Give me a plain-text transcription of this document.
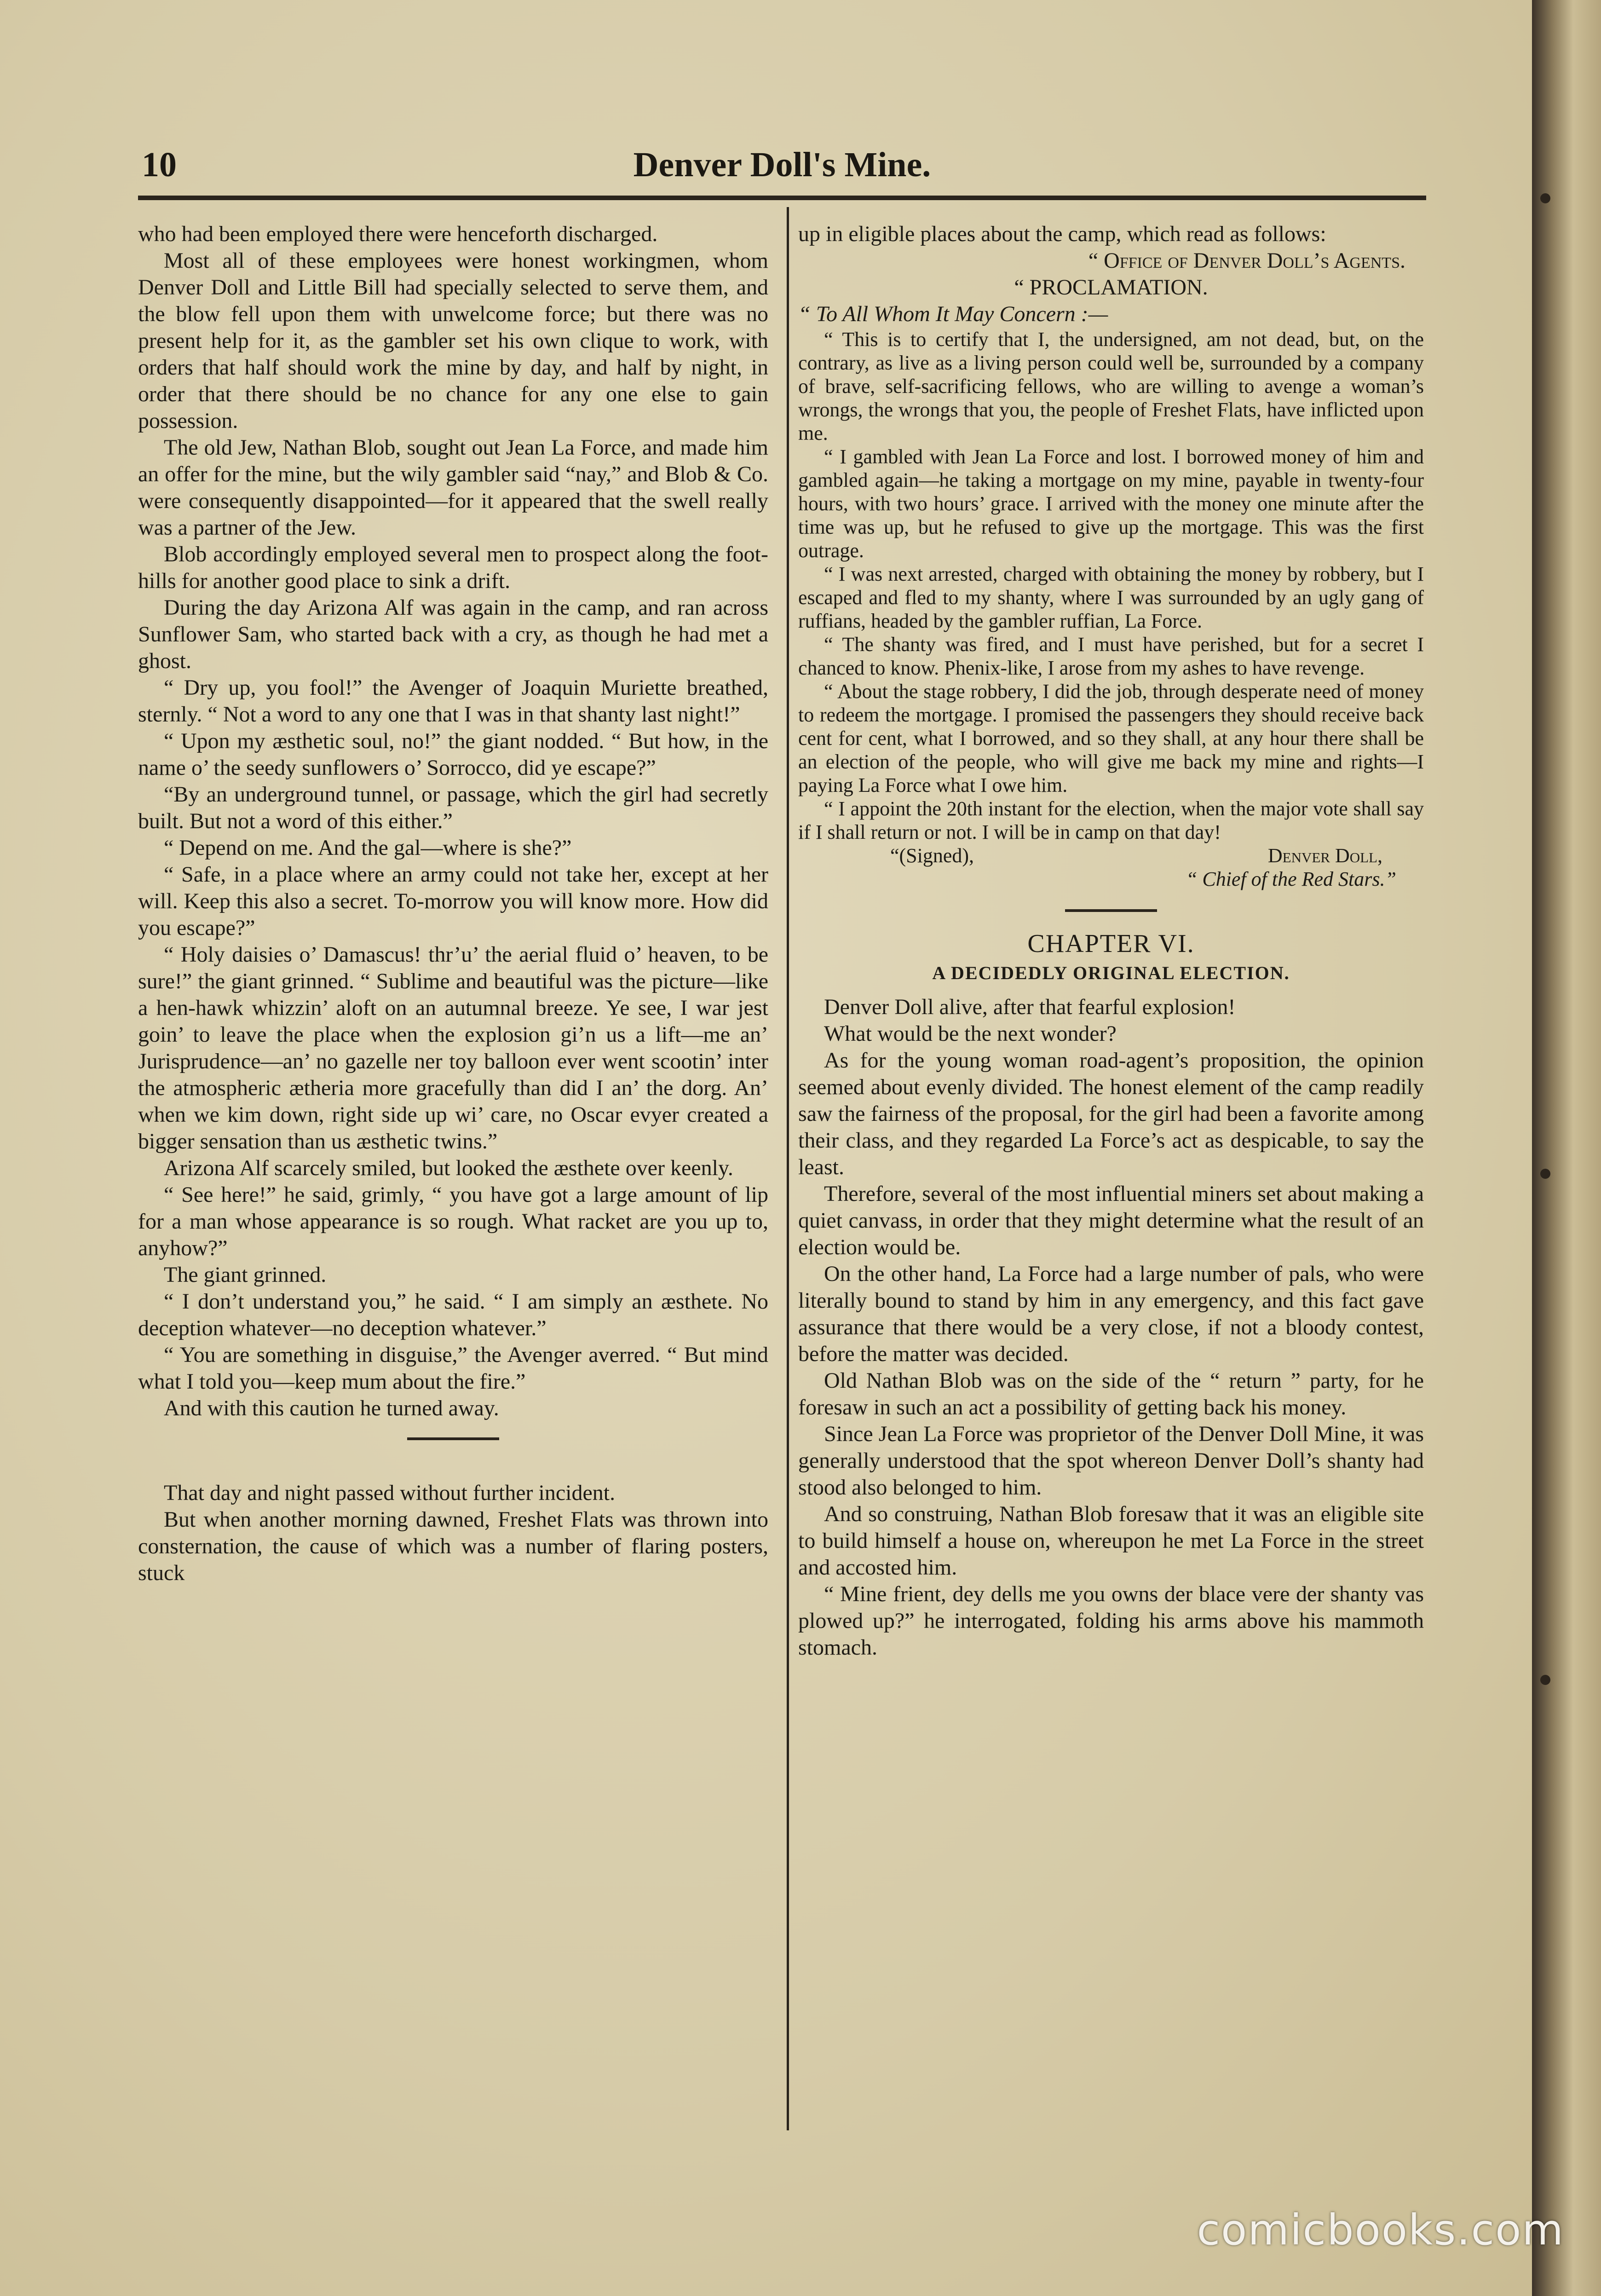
10	Denver Doll's Mine.

who had been employed there were henceforth discharged.

Most all of these employees were honest workingmen, whom Denver Doll and Little Bill had specially selected to serve them, and the blow fell upon them with unwelcome force; but there was no present help for it, as the gambler set his own clique to work, with orders that half should work the mine by day, and half by night, in order that there should be no chance for any one else to gain possession.

The old Jew, Nathan Blob, sought out Jean La Force, and made him an offer for the mine, but the wily gambler said “nay,” and Blob & Co. were consequently disappointed—for it appeared that the swell really was a partner of the Jew.

Blob accordingly employed several men to prospect along the foot-hills for another good place to sink a drift.

During the day Arizona Alf was again in the camp, and ran across Sunflower Sam, who started back with a cry, as though he had met a ghost.

“ Dry up, you fool!” the Avenger of Joaquin Muriette breathed, sternly. “ Not a word to any one that I was in that shanty last night!”

“ Upon my æsthetic soul, no!” the giant nodded. “ But how, in the name o’ the seedy sunflowers o’ Sorrocco, did ye escape?”

“By an underground tunnel, or passage, which the girl had secretly built. But not a word of this either.”

“ Depend on me. And the gal—where is she?”

“ Safe, in a place where an army could not take her, except at her will. Keep this also a secret. To-morrow you will know more. How did you escape?”

“ Holy daisies o’ Damascus! thr’u’ the aerial fluid o’ heaven, to be sure!” the giant grinned. “ Sublime and beautiful was the picture—like a hen-hawk whizzin’ aloft on an autumnal breeze. Ye see, I war jest goin’ to leave the place when the explosion gi’n us a lift—me an’ Jurisprudence—an’ no gazelle ner toy balloon ever went scootin’ inter the atmospheric ætheria more gracefully than did I an’ the dorg. An’ when we kim down, right side up wi’ care, no Oscar evyer created a bigger sensation than us æsthetic twins.”

Arizona Alf scarcely smiled, but looked the æsthete over keenly.

“ See here!” he said, grimly, “ you have got a large amount of lip for a man whose appearance is so rough. What racket are you up to, anyhow?”

The giant grinned.

“ I don’t understand you,” he said. “ I am simply an æsthete. No deception whatever—no deception whatever.”

“ You are something in disguise,” the Avenger averred. “ But mind what I told you—keep mum about the fire.”

And with this caution he turned away.

That day and night passed without further incident.

But when another morning dawned, Freshet Flats was thrown into consternation, the cause of which was a number of flaring posters, stuck

up in eligible places about the camp, which read as follows:

“ Office of Denver Doll’s Agents.

“ PROCLAMATION.

“ To All Whom It May Concern :—

“ This is to certify that I, the undersigned, am not dead, but, on the contrary, as live as a living person could well be, surrounded by a company of brave, self-sacrificing fellows, who are willing to avenge a woman’s wrongs, the wrongs that you, the people of Freshet Flats, have inflicted upon me.

“ I gambled with Jean La Force and lost. I borrowed money of him and gambled again—he taking a mortgage on my mine, payable in twenty-four hours, with two hours’ grace. I arrived with the money one minute after the time was up, but he refused to give up the mortgage. This was the first outrage.

“ I was next arrested, charged with obtaining the money by robbery, but I escaped and fled to my shanty, where I was surrounded by an ugly gang of ruffians, headed by the gambler ruffian, La Force.

“ The shanty was fired, and I must have perished, but for a secret I chanced to know. Phenix-like, I arose from my ashes to have revenge.

“ About the stage robbery, I did the job, through desperate need of money to redeem the mortgage. I promised the passengers they should receive back cent for cent, what I borrowed, and so they shall, at any hour there shall be an election of the people, who will give me back my mine and rights—I paying La Force what I owe him.

“ I appoint the 20th instant for the election, when the major vote shall say if I shall return or not. I will be in camp on that day!

“(Signed),	Denver Doll,

“ Chief of the Red Stars.”

CHAPTER VI.
A DECIDEDLY ORIGINAL ELECTION.

Denver Doll alive, after that fearful explosion!

What would be the next wonder?

As for the young woman road-agent’s proposition, the opinion seemed about evenly divided. The honest element of the camp readily saw the fairness of the proposal, for the girl had been a favorite among their class, and they regarded La Force’s act as despicable, to say the least.

Therefore, several of the most influential miners set about making a quiet canvass, in order that they might determine what the result of an election would be.

On the other hand, La Force had a large number of pals, who were literally bound to stand by him in any emergency, and this fact gave assurance that there would be a very close, if not a bloody contest, before the matter was decided.

Old Nathan Blob was on the side of the “ return ” party, for he foresaw in such an act a possibility of getting back his money.

Since Jean La Force was proprietor of the Denver Doll Mine, it was generally understood that the spot whereon Denver Doll’s shanty had stood also belonged to him.

And so construing, Nathan Blob foresaw that it was an eligible site to build himself a house on, whereupon he met La Force in the street and accosted him.

“ Mine frient, dey dells me you owns der blace vere der shanty vas plowed up?” he interrogated, folding his arms above his mammoth stomach.

comicbooks.com
